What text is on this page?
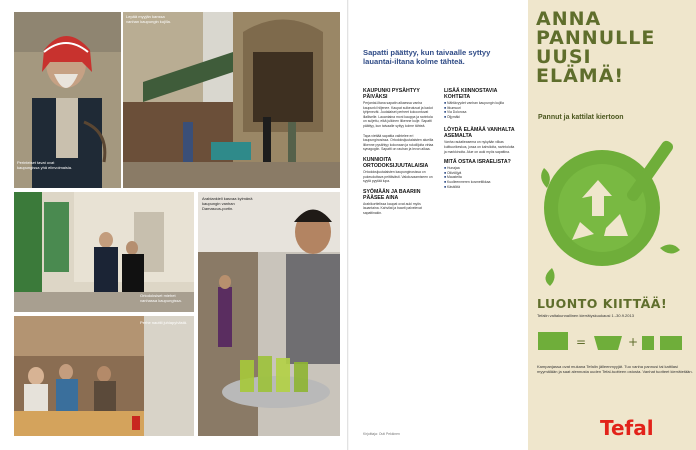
Perinteiset tavat ovat kaupungissa yhä elinvoimaisia.
Lepää myyjän kanssa vanhan kaupungin kujilla.
Ortodoksiset miehet vanhassa kaupungissa.
Perhe nauttii juhlapyhästä.
Arabiankieli kasvaa kylmänä kaupungin vanhan Damascus-portin.
Sapatti päättyy, kun taivaalle syttyy lauantai-iltana kolme tähteä.
KAUPUNKI PYSÄHTYY PÄIVÄKSI
Perjantai-iltana sapatin alkaessa vanha kaupunki hiljenee. Kaupat sulkeutuvat ja kadut tyhjenevät. Juutalaiset perheet kokoontuvat illalliselle. Lauantaina moni kauppa ja ravintola on suljettu, eikä julkinen liikenne kulje. Sapatti päättyy, kun taivaalle syttyy kolme tähteä.
Tapa viettää sapattia vaihtelee eri kaupunginosissa. Ortodoksijuutalaisten alueilla liikenne pysähtyy kokonaan ja rukoilijoita virtaa synagogiin. Sapatti on rauhan ja levon aikaa.
KUNNIOITA ORTODOKSIJUUTALAISIA
Ortodoksijuutalaisten kaupunginosissa on pukeuduttava peittävästi. Valokuvaamiseen on syytä pyytää lupa.
SYÖMÄÄN JA BAARIIN PÄÄSEE AINA
Arabikorttelissa kaupat ovat auki myös lauantaina. Kahvilat ja baarit palvelevat sapattinakin.
LISÄÄ KIINNOSTAVIA KOHTEITA
■ Nähtävyydet vanhan kaupungin kujilla
■ Itkumuuri
■ Via Dolorosa
■ Öljymäki
LÖYDÄ ELÄMÄÄ VANHALTA ASEMALTA
Vanha rautatieasema on nykyään vilkas kulttuurikeskus, jossa on kahviloita, ravintoloita ja markkinoita. Alue on auki myös sapattina.
MITÄ OSTAA ISRAELISTA?
■ Hunajaa
■ Oliiviöljyä
■ Mausteita
■ Kuolleenmeren kosmetiikkaa
■ Käsitöitä
Kirjoittaja: Outi Pekkinen
ANNA
PANNULLE
UUSI
ELÄMÄ!
Pannut ja kattilat kiertoon
LUONTO KIITTÄÄ!
Tefalin valtakunnallinen kierrätyskuukausi 1.-30.9.2013
=	+
Kampanjassa ovat mukana Tefalin jälleenmyyjät. Tuo vanha pannusi tai kattilasi myymälään ja saat alennusta uuden Tefal-tuotteen ostosta. Vanhat tuotteet kierrätetään.
Tefal
